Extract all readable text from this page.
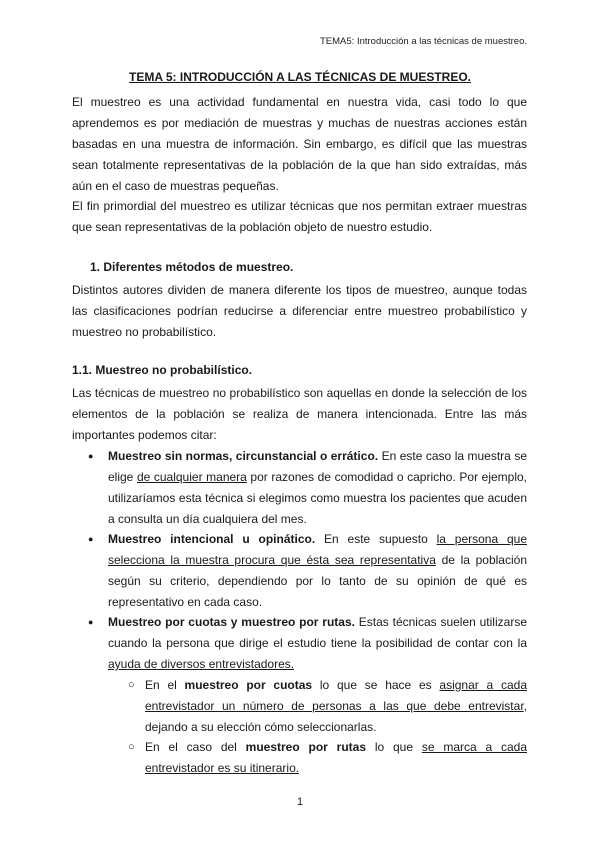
TEMA5: Introducción a las técnicas de muestreo.
TEMA 5: INTRODUCCIÓN A LAS TÉCNICAS DE MUESTREO.
El muestreo es una actividad fundamental en nuestra vida, casi todo lo que aprendemos es por mediación de muestras y muchas de nuestras acciones están basadas en una muestra de información. Sin embargo, es difícil que las muestras sean totalmente representativas de la población de la que han sido extraídas, más aún en el caso de muestras pequeñas.
El fin primordial del muestreo es utilizar técnicas que nos permitan extraer muestras que sean representativas de la población objeto de nuestro estudio.
1. Diferentes métodos de muestreo.
Distintos autores dividen de manera diferente los tipos de muestreo, aunque todas las clasificaciones podrían reducirse a diferenciar entre muestreo probabilístico y muestreo no probabilístico.
1.1. Muestreo no probabilístico.
Las técnicas de muestreo no probabilístico son aquellas en donde la selección de los elementos de la población se realiza de manera intencionada. Entre las más importantes podemos citar:
● Muestreo sin normas, circunstancial o errático. En este caso la muestra se elige de cualquier manera por razones de comodidad o capricho. Por ejemplo, utilizaríamos esta técnica si elegimos como muestra los pacientes que acuden a consulta un día cualquiera del mes.
● Muestreo intencional u opinático. En este supuesto la persona que selecciona la muestra procura que ésta sea representativa de la población según su criterio, dependiendo por lo tanto de su opinión de qué es representativo en cada caso.
● Muestreo por cuotas y muestreo por rutas. Estas técnicas suelen utilizarse cuando la persona que dirige el estudio tiene la posibilidad de contar con la ayuda de diversos entrevistadores.
○ En el muestreo por cuotas lo que se hace es asignar a cada entrevistador un número de personas a las que debe entrevistar, dejando a su elección cómo seleccionarlas.
○ En el caso del muestreo por rutas lo que se marca a cada entrevistador es su itinerario.
1
